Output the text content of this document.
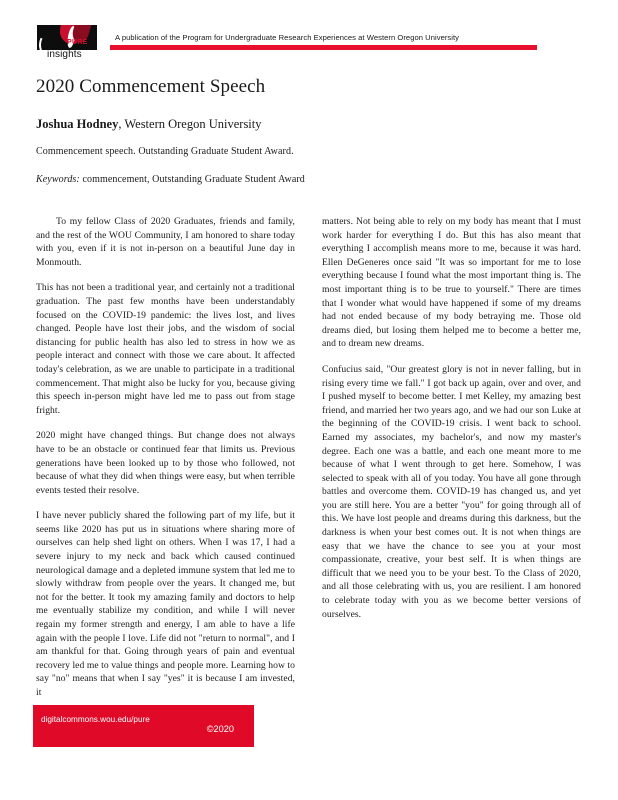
PURE
insights
A publication of the Program for Undergraduate Research Experiences at Western Oregon University
2020 Commencement Speech
Joshua Hodney, Western Oregon University
Commencement speech. Outstanding Graduate Student Award.
Keywords: commencement, Outstanding Graduate Student Award

To my fellow Class of 2020 Graduates, friends and family, and the rest of the WOU Community, I am honored to share today with you, even if it is not in-person on a beautiful June day in Monmouth.

This has not been a traditional year, and certainly not a traditional graduation. The past few months have been understandably focused on the COVID-19 pandemic: the lives lost, and lives changed. People have lost their jobs, and the wisdom of social distancing for public health has also led to stress in how we as people interact and connect with those we care about. It affected today's celebration, as we are unable to participate in a traditional commencement. That might also be lucky for you, because giving this speech in-person might have led me to pass out from stage fright.

2020 might have changed things. But change does not always have to be an obstacle or continued fear that limits us. Previous generations have been looked up to by those who followed, not because of what they did when things were easy, but when terrible events tested their resolve.

I have never publicly shared the following part of my life, but it seems like 2020 has put us in situations where sharing more of ourselves can help shed light on others. When I was 17, I had a severe injury to my neck and back which caused continued neurological damage and a depleted immune system that led me to slowly withdraw from people over the years. It changed me, but not for the better. It took my amazing family and doctors to help me eventually stabilize my condition, and while I will never regain my former strength and energy, I am able to have a life again with the people I love. Life did not "return to normal", and I am thankful for that. Going through years of pain and eventual recovery led me to value things and people more. Learning how to say "no" means that when I say "yes" it is because I am invested, it

matters. Not being able to rely on my body has meant that I must work harder for everything I do. But this has also meant that everything I accomplish means more to me, because it was hard. Ellen DeGeneres once said "It was so important for me to lose everything because I found what the most important thing is. The most important thing is to be true to yourself." There are times that I wonder what would have happened if some of my dreams had not ended because of my body betraying me. Those old dreams died, but losing them helped me to become a better me, and to dream new dreams.

Confucius said, "Our greatest glory is not in never falling, but in rising every time we fall." I got back up again, over and over, and I pushed myself to become better. I met Kelley, my amazing best friend, and married her two years ago, and we had our son Luke at the beginning of the COVID-19 crisis. I went back to school. Earned my associates, my bachelor's, and now my master's degree. Each one was a battle, and each one meant more to me because of what I went through to get here. Somehow, I was selected to speak with all of you today. You have all gone through battles and overcome them. COVID-19 has changed us, and yet you are still here. You are a better "you" for going through all of this. We have lost people and dreams during this darkness, but the darkness is when your best comes out. It is not when things are easy that we have the chance to see you at your most compassionate, creative, your best self. It is when things are difficult that we need you to be your best. To the Class of 2020, and all those celebrating with us, you are resilient. I am honored to celebrate today with you as we become better versions of ourselves.

digitalcommons.wou.edu/pure
©2020
